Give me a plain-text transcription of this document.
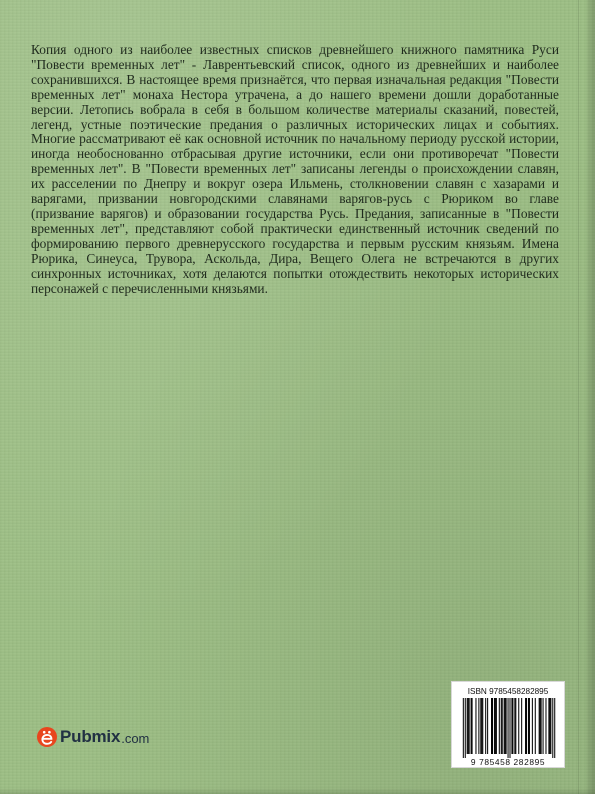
Копия одного из наиболее известных списков древнейшего книжного памятника Руси "Повести временных лет" - Лаврентьевский список, одного из древнейших и наиболее сохранившихся. В настоящее время признаётся, что первая изначальная редакция "Повести временных лет" монаха Нестора утрачена, а до нашего времени дошли доработанные версии. Летопись вобрала в себя в большом количестве материалы сказаний, повестей, легенд, устные поэтические предания о различных исторических лицах и событиях. Многие рассматривают её как основной источник по начальному периоду русской истории, иногда необоснованно отбрасывая другие источники, если они противоречат "Повести временных лет". В "Повести временных лет" записаны легенды о происхождении славян, их расселении по Днепру и вокруг озера Ильмень, столкновении славян с хазарами и варягами, призвании новгородскими славянами варягов-русь с Рюриком во главе (призвание варягов) и образовании государства Русь. Предания, записанные в "Повести временных лет", представляют собой практически единственный источник сведений по формированию первого древнерусского государства и первым русским князьям. Имена Рюрика, Синеуса, Трувора, Аскольда, Дира, Вещего Олега не встречаются в других синхронных источниках, хотя делаются попытки отождествить некоторых исторических персонажей с перечисленными князьями.

Pubmix .com
ISBN 9785458282895
9 785458 282895
